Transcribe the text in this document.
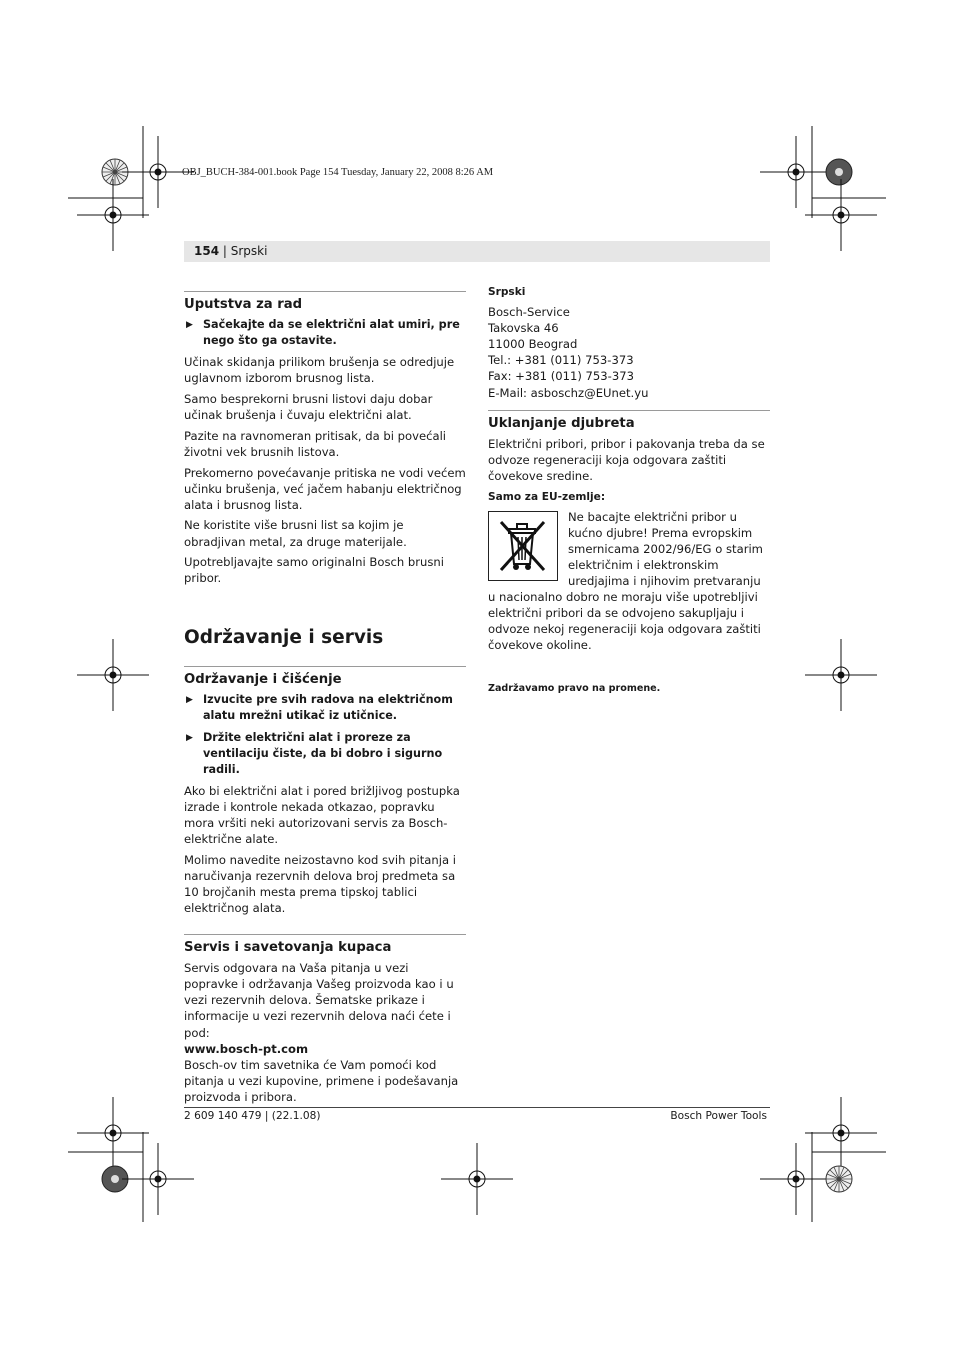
OBJ_BUCH-384-001.book Page 154 Tuesday, January 22, 2008 8:26 AM
154 | Srpski
Uputstva za rad
▶ Sačekajte da se električni alat umiri, pre nego što ga ostavite.

Učinak skidanja prilikom brušenja se odredjuje uglavnom izborom brusnog lista.

Samo besprekorni brusni listovi daju dobar učinak brušenja i čuvaju električni alat.

Pazite na ravnomeran pritisak, da bi povećali životni vek brusnih listova.

Prekomerno povećavanje pritiska ne vodi većem učinku brušenja, već jačem habanju električnog alata i brusnog lista.

Ne koristite više brusni list sa kojim je obradjivan metal, za druge materijale.

Upotrebljavajte samo originalni Bosch brusni pribor.

Održavanje i servis
Održavanje i čišćenje
▶ Izvucite pre svih radova na električnom alatu mrežni utikač iz utičnice.
▶ Držite električni alat i proreze za ventilaciju čiste, da bi dobro i sigurno radili.

Ako bi električni alat i pored brižljivog postupka izrade i kontrole nekada otkazao, popravku mora vršiti neki autorizovani servis za Bosch-električne alate.

Molimo navedite neizostavno kod svih pitanja i naručivanja rezervnih delova broj predmeta sa 10 brojčanih mesta prema tipskoj tablici električnog alata.

Servis i savetovanja kupaca

Servis odgovara na Vaša pitanja u vezi popravke i održavanja Vašeg proizvoda kao i u vezi rezervnih delova. Šematske prikaze i informacije u vezi rezervnih delova naći ćete i pod:
www.bosch-pt.com
Bosch-ov tim savetnika će Vam pomoći kod pitanja u vezi kupovine, primene i podešavanja proizvoda i pribora.

Srpski
Bosch-Service
Takovska 46
11000 Beograd
Tel.: +381 (011) 753-373
Fax: +381 (011) 753-373
E-Mail: asboschz@EUnet.yu
Uklanjanje djubreta

Električni pribori, pribor i pakovanja treba da se odvoze regeneraciji koja odgovara zaštiti čovekove sredine.

Samo za EU-zemlje:

Ne bacajte električni pribor u kućno djubre! Prema evropskim smernicama 2002/96/EG o starim električnim i elektronskim uredjajima i njihovim pretvaranju u nacionalno dobro ne moraju više upotrebljivi električni pribori da se odvojeno sakupljaju i odvoze nekoj regeneraciji koja odgovara zaštiti čovekove okoline.

Zadržavamo pravo na promene.
2 609 140 479 | (22.1.08)	Bosch Power Tools
